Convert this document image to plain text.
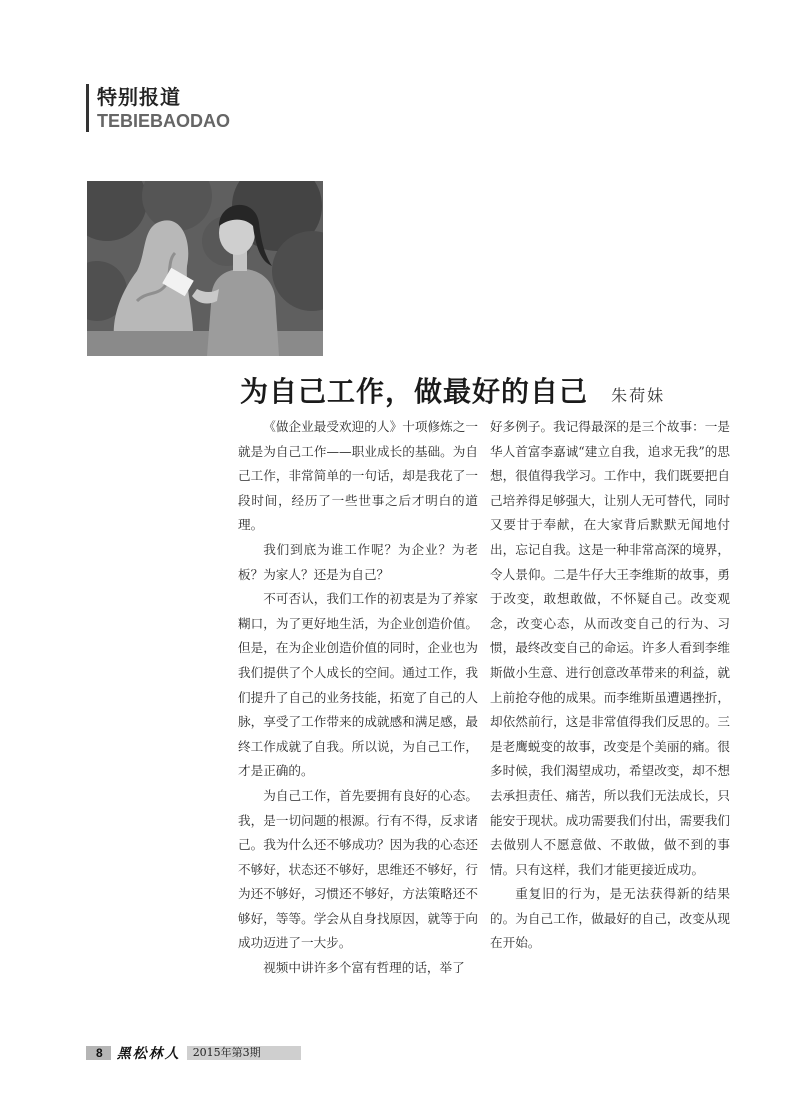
特别报道
TEBIEBAODAO
为自己工作，做最好的自己 朱荷妹

《做企业最受欢迎的人》十项修炼之一就是为自己工作——职业成长的基础。为自己工作，非常简单的一句话，却是我花了一段时间，经历了一些世事之后才明白的道理。

我们到底为谁工作呢？为企业？为老板？为家人？还是为自己？

不可否认，我们工作的初衷是为了养家糊口，为了更好地生活，为企业创造价值。但是，在为企业创造价值的同时，企业也为我们提供了个人成长的空间。通过工作，我们提升了自己的业务技能，拓宽了自己的人脉，享受了工作带来的成就感和满足感，最终工作成就了自我。所以说，为自己工作，才是正确的。

为自己工作，首先要拥有良好的心态。我，是一切问题的根源。行有不得，反求诸己。我为什么还不够成功？因为我的心态还不够好，状态还不够好，思维还不够好，行为还不够好，习惯还不够好，方法策略还不够好，等等。学会从自身找原因，就等于向成功迈进了一大步。

视频中讲许多个富有哲理的话，举了

好多例子。我记得最深的是三个故事：一是华人首富李嘉诚“建立自我，追求无我”的思想，很值得我学习。工作中，我们既要把自己培养得足够强大，让别人无可替代，同时又要甘于奉献，在大家背后默默无闻地付出，忘记自我。这是一种非常高深的境界，令人景仰。二是牛仔大王李维斯的故事，勇于改变，敢想敢做，不怀疑自己。改变观念，改变心态，从而改变自己的行为、习惯，最终改变自己的命运。许多人看到李维斯做小生意、进行创意改革带来的利益，就上前抢夺他的成果。而李维斯虽遭遇挫折，却依然前行，这是非常值得我们反思的。三是老鹰蜕变的故事，改变是个美丽的痛。很多时候，我们渴望成功，希望改变，却不想去承担责任、痛苦，所以我们无法成长，只能安于现状。成功需要我们付出，需要我们去做别人不愿意做、不敢做，做不到的事情。只有这样，我们才能更接近成功。

重复旧的行为，是无法获得新的结果的。为自己工作，做最好的自己，改变从现在开始。

8	黑松林人	2015年第3期
